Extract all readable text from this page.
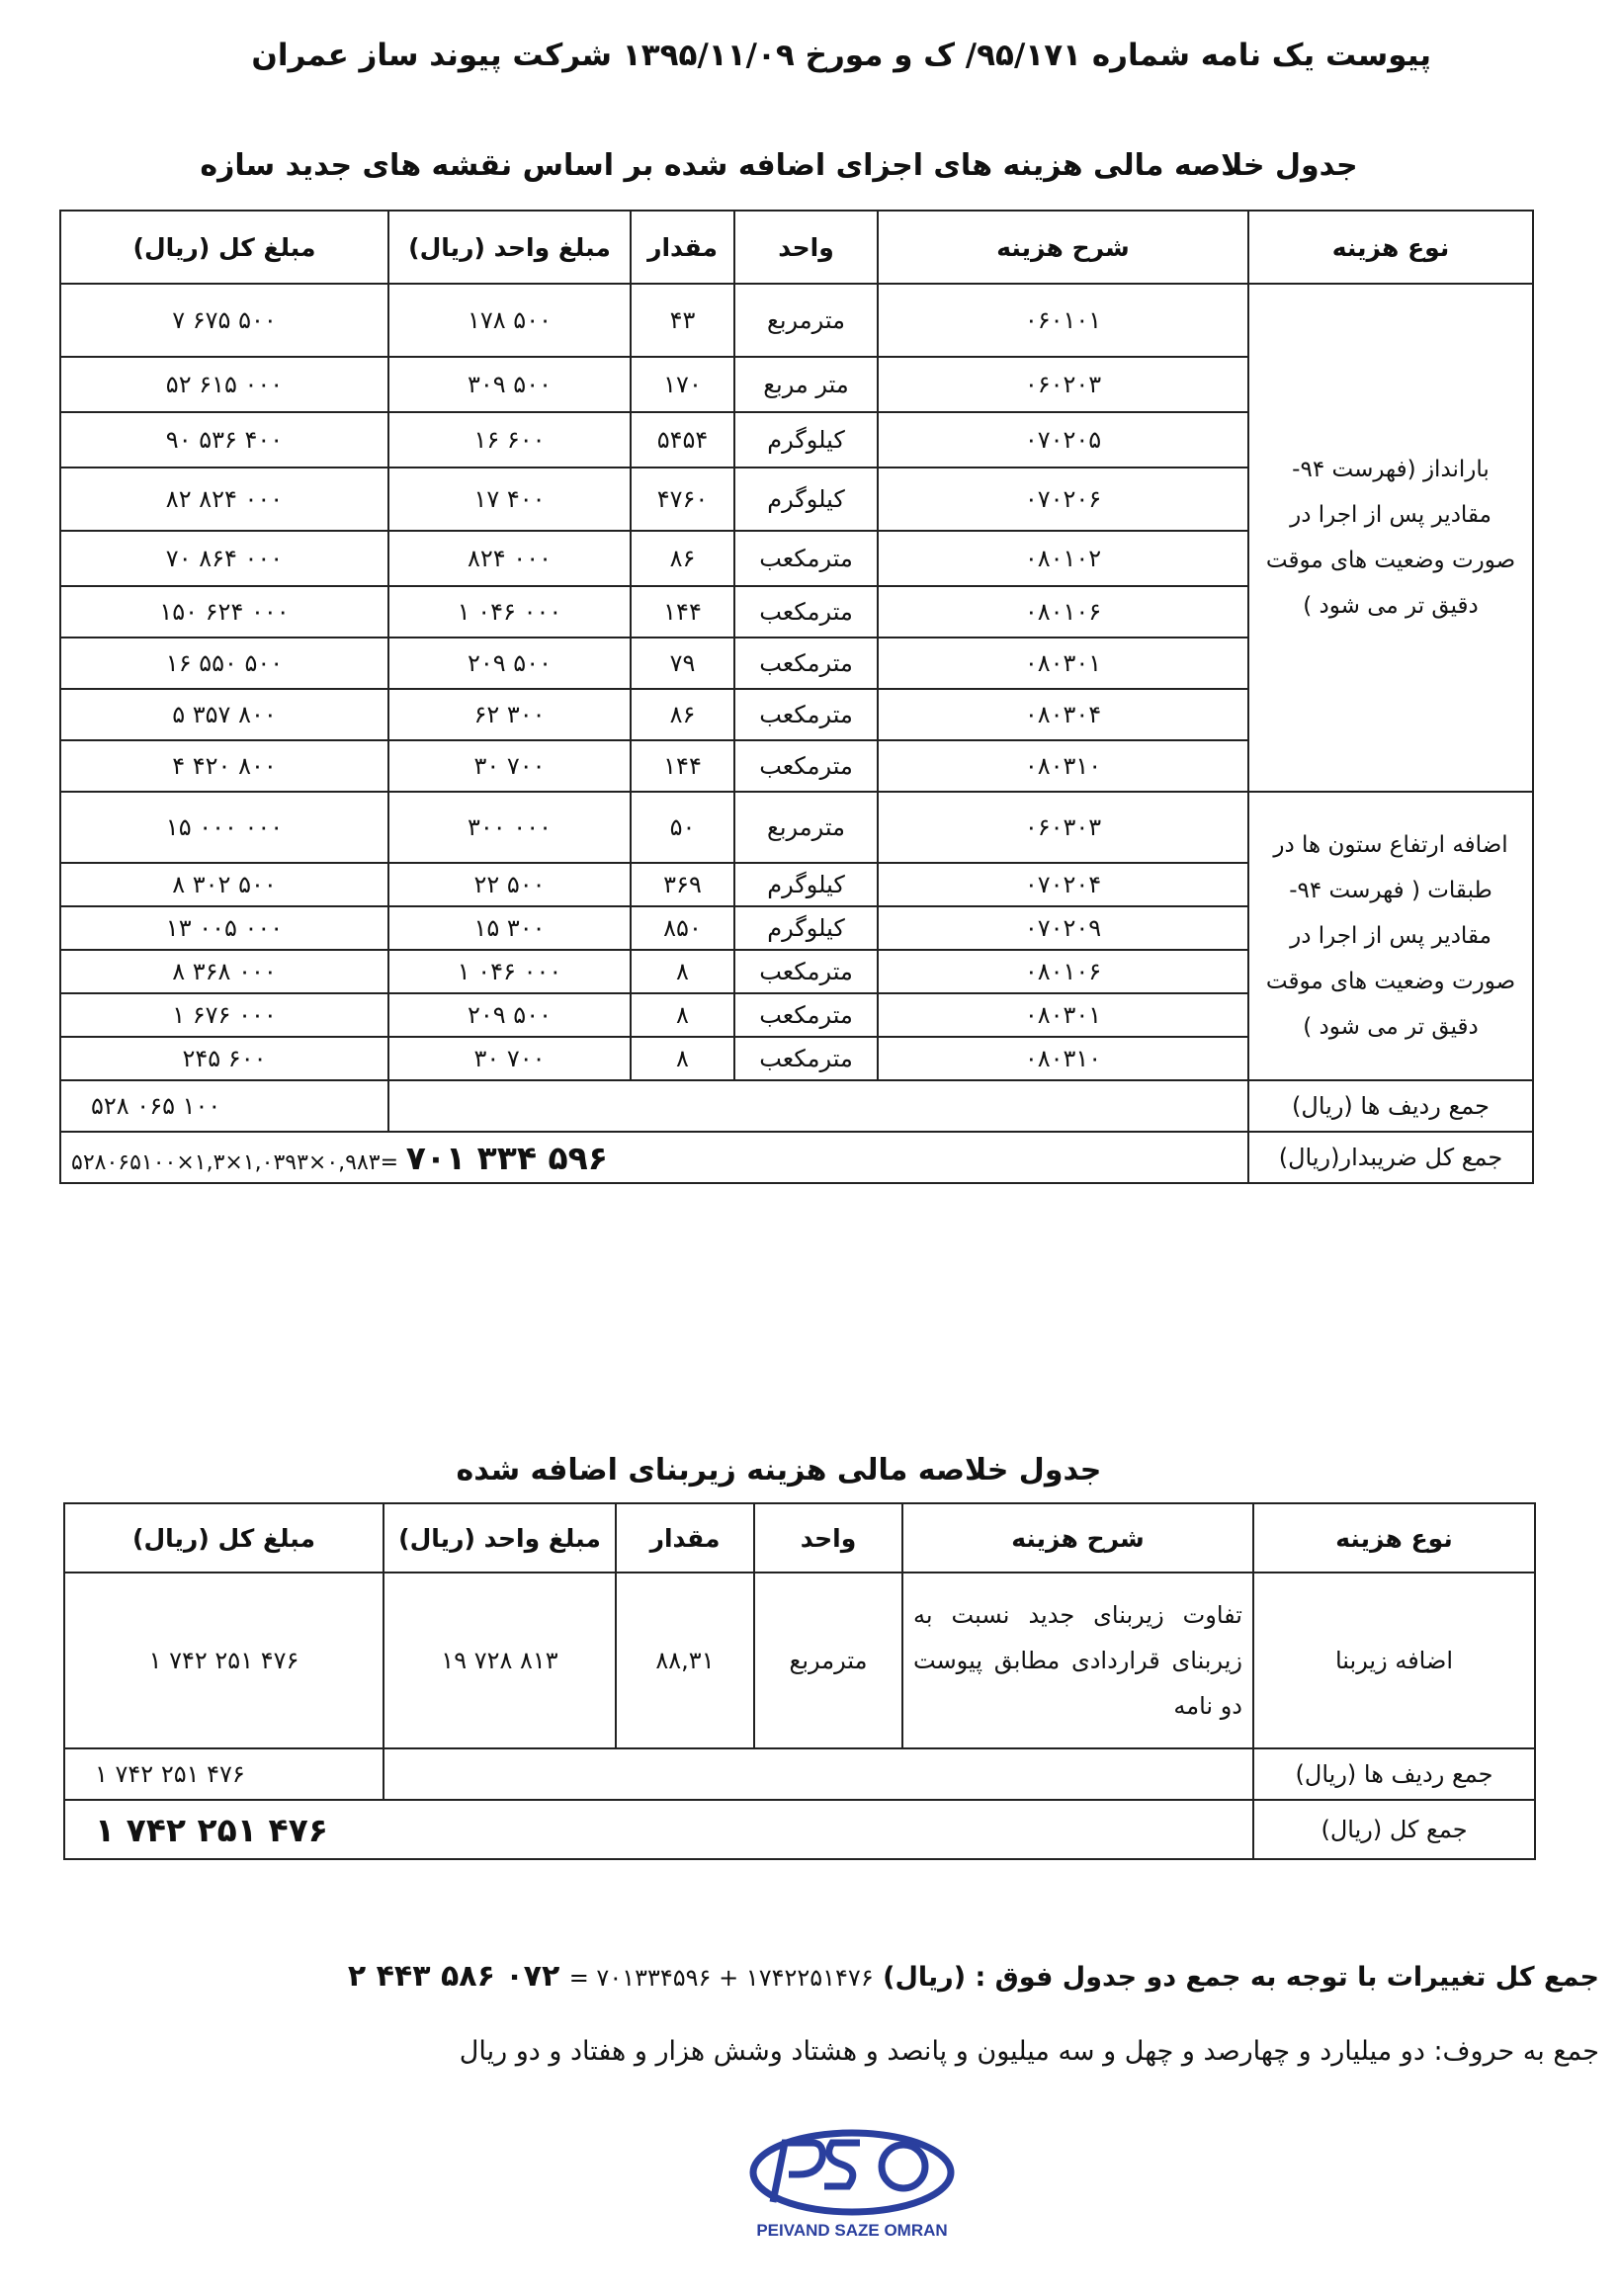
پیوست یک نامه شماره ۹۵/۱۷۱/ ک و مورخ ۱۳۹۵/۱۱/۰۹ شرکت پیوند ساز عمران
جدول خلاصه مالی هزینه های اجزای اضافه شده بر اساس نقشه های جدید سازه
نوع هزینه	شرح هزینه	واحد	مقدار	مبلغ واحد (ریال)	مبلغ کل (ریال)
بارانداز (فهرست ۹۴- مقادیر پس از اجرا در صورت وضعیت های موقت دقیق تر می شود )	۰۶۰۱۰۱	مترمربع	۴۳	۱۷۸ ۵۰۰	۷ ۶۷۵ ۵۰۰
	۰۶۰۲۰۳	متر مربع	۱۷۰	۳۰۹ ۵۰۰	۵۲ ۶۱۵ ۰۰۰
	۰۷۰۲۰۵	کیلوگرم	۵۴۵۴	۱۶ ۶۰۰	۹۰ ۵۳۶ ۴۰۰
	۰۷۰۲۰۶	کیلوگرم	۴۷۶۰	۱۷ ۴۰۰	۸۲ ۸۲۴ ۰۰۰
	۰۸۰۱۰۲	مترمکعب	۸۶	۸۲۴ ۰۰۰	۷۰ ۸۶۴ ۰۰۰
	۰۸۰۱۰۶	مترمکعب	۱۴۴	۱ ۰۴۶ ۰۰۰	۱۵۰ ۶۲۴ ۰۰۰
	۰۸۰۳۰۱	مترمکعب	۷۹	۲۰۹ ۵۰۰	۱۶ ۵۵۰ ۵۰۰
	۰۸۰۳۰۴	مترمکعب	۸۶	۶۲ ۳۰۰	۵ ۳۵۷ ۸۰۰
	۰۸۰۳۱۰	مترمکعب	۱۴۴	۳۰ ۷۰۰	۴ ۴۲۰ ۸۰۰
اضافه ارتفاع ستون ها در طبقات ( فهرست ۹۴- مقادیر پس از اجرا در صورت وضعیت های موقت دقیق تر می شود )	۰۶۰۳۰۳	مترمربع	۵۰	۳۰۰ ۰۰۰	۱۵ ۰۰۰ ۰۰۰
	۰۷۰۲۰۴	کیلوگرم	۳۶۹	۲۲ ۵۰۰	۸ ۳۰۲ ۵۰۰
	۰۷۰۲۰۹	کیلوگرم	۸۵۰	۱۵ ۳۰۰	۱۳ ۰۰۵ ۰۰۰
	۰۸۰۱۰۶	مترمکعب	۸	۱ ۰۴۶ ۰۰۰	۸ ۳۶۸ ۰۰۰
	۰۸۰۳۰۱	مترمکعب	۸	۲۰۹ ۵۰۰	۱ ۶۷۶ ۰۰۰
	۰۸۰۳۱۰	مترمکعب	۸	۳۰ ۷۰۰	۲۴۵ ۶۰۰
جمع ردیف ها (ریال)					۵۲۸ ۰۶۵ ۱۰۰
جمع کل ضریبدار(ریال)	۵۲۸۰۶۵۱۰۰×۱,۳×۱,۰۳۹۳×۰,۹۸۳= ۷۰۱ ۳۳۴ ۵۹۶				
جدول خلاصه مالی هزینه زیربنای اضافه شده
نوع هزینه	شرح هزینه	واحد	مقدار	مبلغ واحد (ریال)	مبلغ کل (ریال)
اضافه زیربنا	تفاوت زیربنای جدید نسبت به زیربنای قراردادی مطابق پیوست دو نامه	مترمربع	۸۸,۳۱	۱۹ ۷۲۸ ۸۱۳	۱ ۷۴۲ ۲۵۱ ۴۷۶
جمع ردیف ها (ریال)					۱ ۷۴۲ ۲۵۱ ۴۷۶
جمع کل (ریال)	۱ ۷۴۲ ۲۵۱ ۴۷۶				
جمع کل تغییرات با توجه به جمع دو جدول فوق : (ریال) ۲ ۴۴۳ ۵۸۶ ۰۷۲ = ۷۰۱۳۳۴۵۹۶ + ۱۷۴۲۲۵۱۴۷۶
جمع به حروف: دو میلیارد و چهارصد و چهل و سه میلیون و پانصد و هشتاد وشش هزار و هفتاد و دو ریال
PEIVAND SAZE OMRAN
